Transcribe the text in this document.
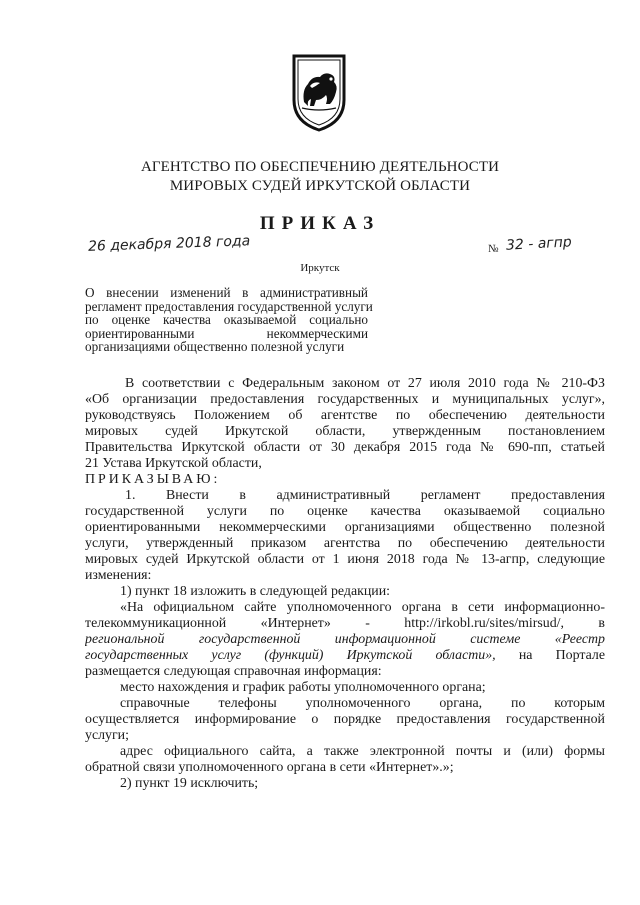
АГЕНТСТВО ПО ОБЕСПЕЧЕНИЮ ДЕЯТЕЛЬНОСТИ
МИРОВЫХ СУДЕЙ ИРКУТСКОЙ ОБЛАСТИ
ПРИКАЗ
26 декабря 2018 года	№ 32 - агпр
Иркутск
О внесении изменений в административный
регламент предоставления государственной услуги
по оценке качества оказываемой социально
ориентированными некоммерческими
организациями общественно полезной услуги
В соответствии с Федеральным законом от 27 июля 2010 года № 210-ФЗ
«Об организации предоставления государственных и муниципальных услуг»,
руководствуясь Положением об агентстве по обеспечению деятельности
мировых судей Иркутской области, утвержденным постановлением
Правительства Иркутской области от 30 декабря 2015 года № 690-пп, статьей
21 Устава Иркутской области,
ПРИКАЗЫВАЮ:
1. Внести в административный регламент предоставления
государственной услуги по оценке качества оказываемой социально
ориентированными некоммерческими организациями общественно полезной
услуги, утвержденный приказом агентства по обеспечению деятельности
мировых судей Иркутской области от 1 июня 2018 года № 13-агпр, следующие
изменения:
1) пункт 18 изложить в следующей редакции:
«На официальном сайте уполномоченного органа в сети информационно-
телекоммуникационной «Интернет» - http://irkobl.ru/sites/mirsud/, в
региональной государственной информационной системе «Реестр
государственных услуг (функций) Иркутской области», на Портале
размещается следующая справочная информация:
место нахождения и график работы уполномоченного органа;
справочные телефоны уполномоченного органа, по которым
осуществляется информирование о порядке предоставления государственной
услуги;
адрес официального сайта, а также электронной почты и (или) формы
обратной связи уполномоченного органа в сети «Интернет».»;
2) пункт 19 исключить;
